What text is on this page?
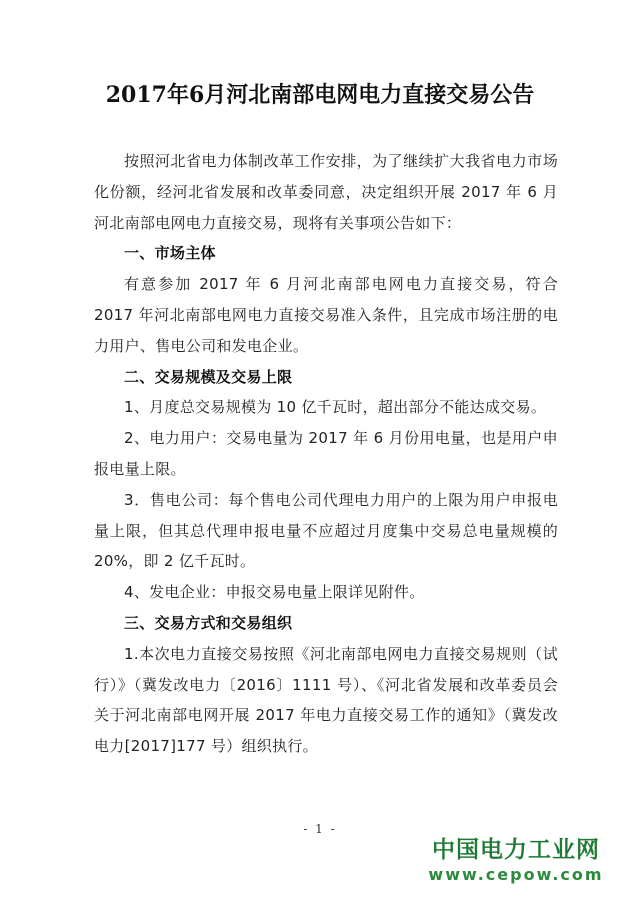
2017年6月河北南部电网电力直接交易公告

按照河北省电力体制改革工作安排，为了继续扩大我省电力市场化份额，经河北省发展和改革委同意，决定组织开展 2017 年 6 月河北南部电网电力直接交易，现将有关事项公告如下：

一、市场主体

有意参加 2017 年 6 月河北南部电网电力直接交易，符合 2017 年河北南部电网电力直接交易准入条件，且完成市场注册的电力用户、售电公司和发电企业。

二、交易规模及交易上限

1、月度总交易规模为 10 亿千瓦时，超出部分不能达成交易。

2、电力用户：交易电量为 2017 年 6 月份用电量，也是用户申报电量上限。

3．售电公司：每个售电公司代理电力用户的上限为用户申报电量上限，但其总代理申报电量不应超过月度集中交易总电量规模的 20%，即 2 亿千瓦时。

4、发电企业：申报交易电量上限详见附件。

三、交易方式和交易组织

1.本次电力直接交易按照《河北南部电网电力直接交易规则（试行）》（冀发改电力〔2016〕1111 号）、《河北省发展和改革委员会关于河北南部电网开展 2017 年电力直接交易工作的通知》（冀发改电力[2017]177 号）组织执行。

- 1 -
中国电力工业网
www.cepow.com
